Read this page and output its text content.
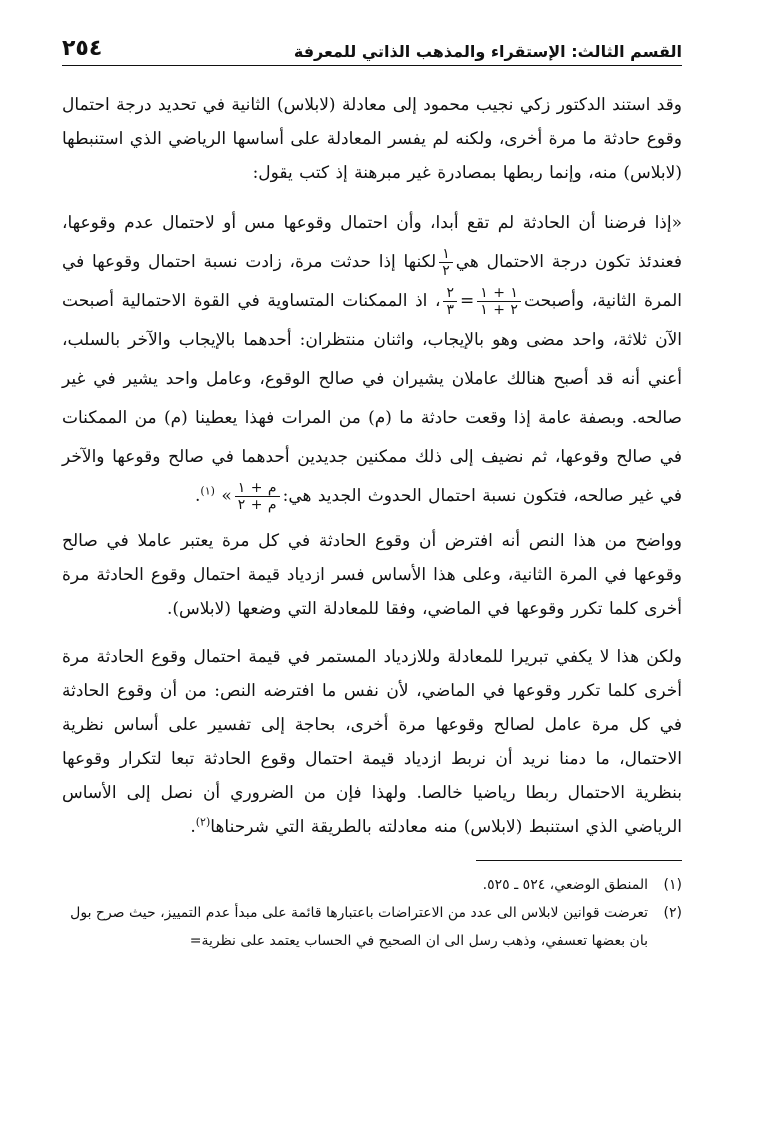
القسم الثالث: الإستقراء والمذهب الذاتي للمعرفة
٢٥٤

وقد استند الدكتور زكي نجيب محمود إلى معادلة (لابلاس) الثانية في تحديد درجة احتمال وقوع حادثة ما مرة أخرى، ولكنه لم يفسر المعادلة على أساسها الرياضي الذي استنبطها (لابلاس) منه، وإنما ربطها بمصادرة غير مبرهنة إذ كتب يقول:

«إذا فرضنا أن الحادثة لم تقع أبدا، وأن احتمال وقوعها مس أو لاحتمال عدم وقوعها، فعندئذ تكون درجة الاحتمال هي
$\frac{١}{٢}$
لكنها إذا حدثت مرة، زادت نسبة احتمال وقوعها في المرة الثانية، وأصبحت
$\frac{١ + ١}{٢ + ١}$
=
$\frac{٢}{٣}$
، اذ الممكنات المتساوية في القوة الاحتمالية أصبحت الآن ثلاثة، واحد مضى وهو بالإيجاب، واثنان منتظران: أحدهما بالإيجاب والآخر بالسلب، أعني أنه قد أصبح هنالك عاملان يشيران في صالح الوقوع، وعامل واحد يشير في غير صالحه. وبصفة عامة إذا وقعت حادثة ما (م) من المرات فهذا يعطينا (م) من الممكنات في صالح وقوعها، ثم نضيف إلى ذلك ممكنين جديدين أحدهما في صالح وقوعها والآخر في غير صالحه، فتكون نسبة احتمال الحدوث الجديد هي:
$\frac{\text{م + ١}}{\text{م + ٢}}$
» $^{(١)}$.

وواضح من هذا النص أنه افترض أن وقوع الحادثة في كل مرة يعتبر عاملا في صالح وقوعها في المرة الثانية، وعلى هذا الأساس فسر ازدياد قيمة احتمال وقوع الحادثة مرة أخرى كلما تكرر وقوعها في الماضي، وفقا للمعادلة التي وضعها (لابلاس).

ولكن هذا لا يكفي تبريرا للمعادلة وللازدياد المستمر في قيمة احتمال وقوع الحادثة مرة أخرى كلما تكرر وقوعها في الماضي، لأن نفس ما افترضه النص: من أن وقوع الحادثة في كل مرة عامل لصالح وقوعها مرة أخرى، بحاجة إلى تفسير على أساس نظرية الاحتمال، ما دمنا نريد أن نربط ازدياد قيمة احتمال وقوع الحادثة تبعا لتكرار وقوعها بنظرية الاحتمال ربطا رياضيا خالصا. ولهذا فإن من الضروري أن نصل إلى الأساس الرياضي الذي استنبط (لابلاس) منه معادلته بالطريقة التي شرحناها$^{(٢)}$.

(١)
المنطق الوضعي، ٥٢٤ ـ ٥٢٥.
(٢)
تعرضت قوانين لابلاس الى عدد من الاعتراضات باعتبارها قائمة على مبدأ عدم التمييز، حيث صرح بول بان بعضها تعسفي، وذهب رسل الى ان الصحيح في الحساب يعتمد على نظرية=
